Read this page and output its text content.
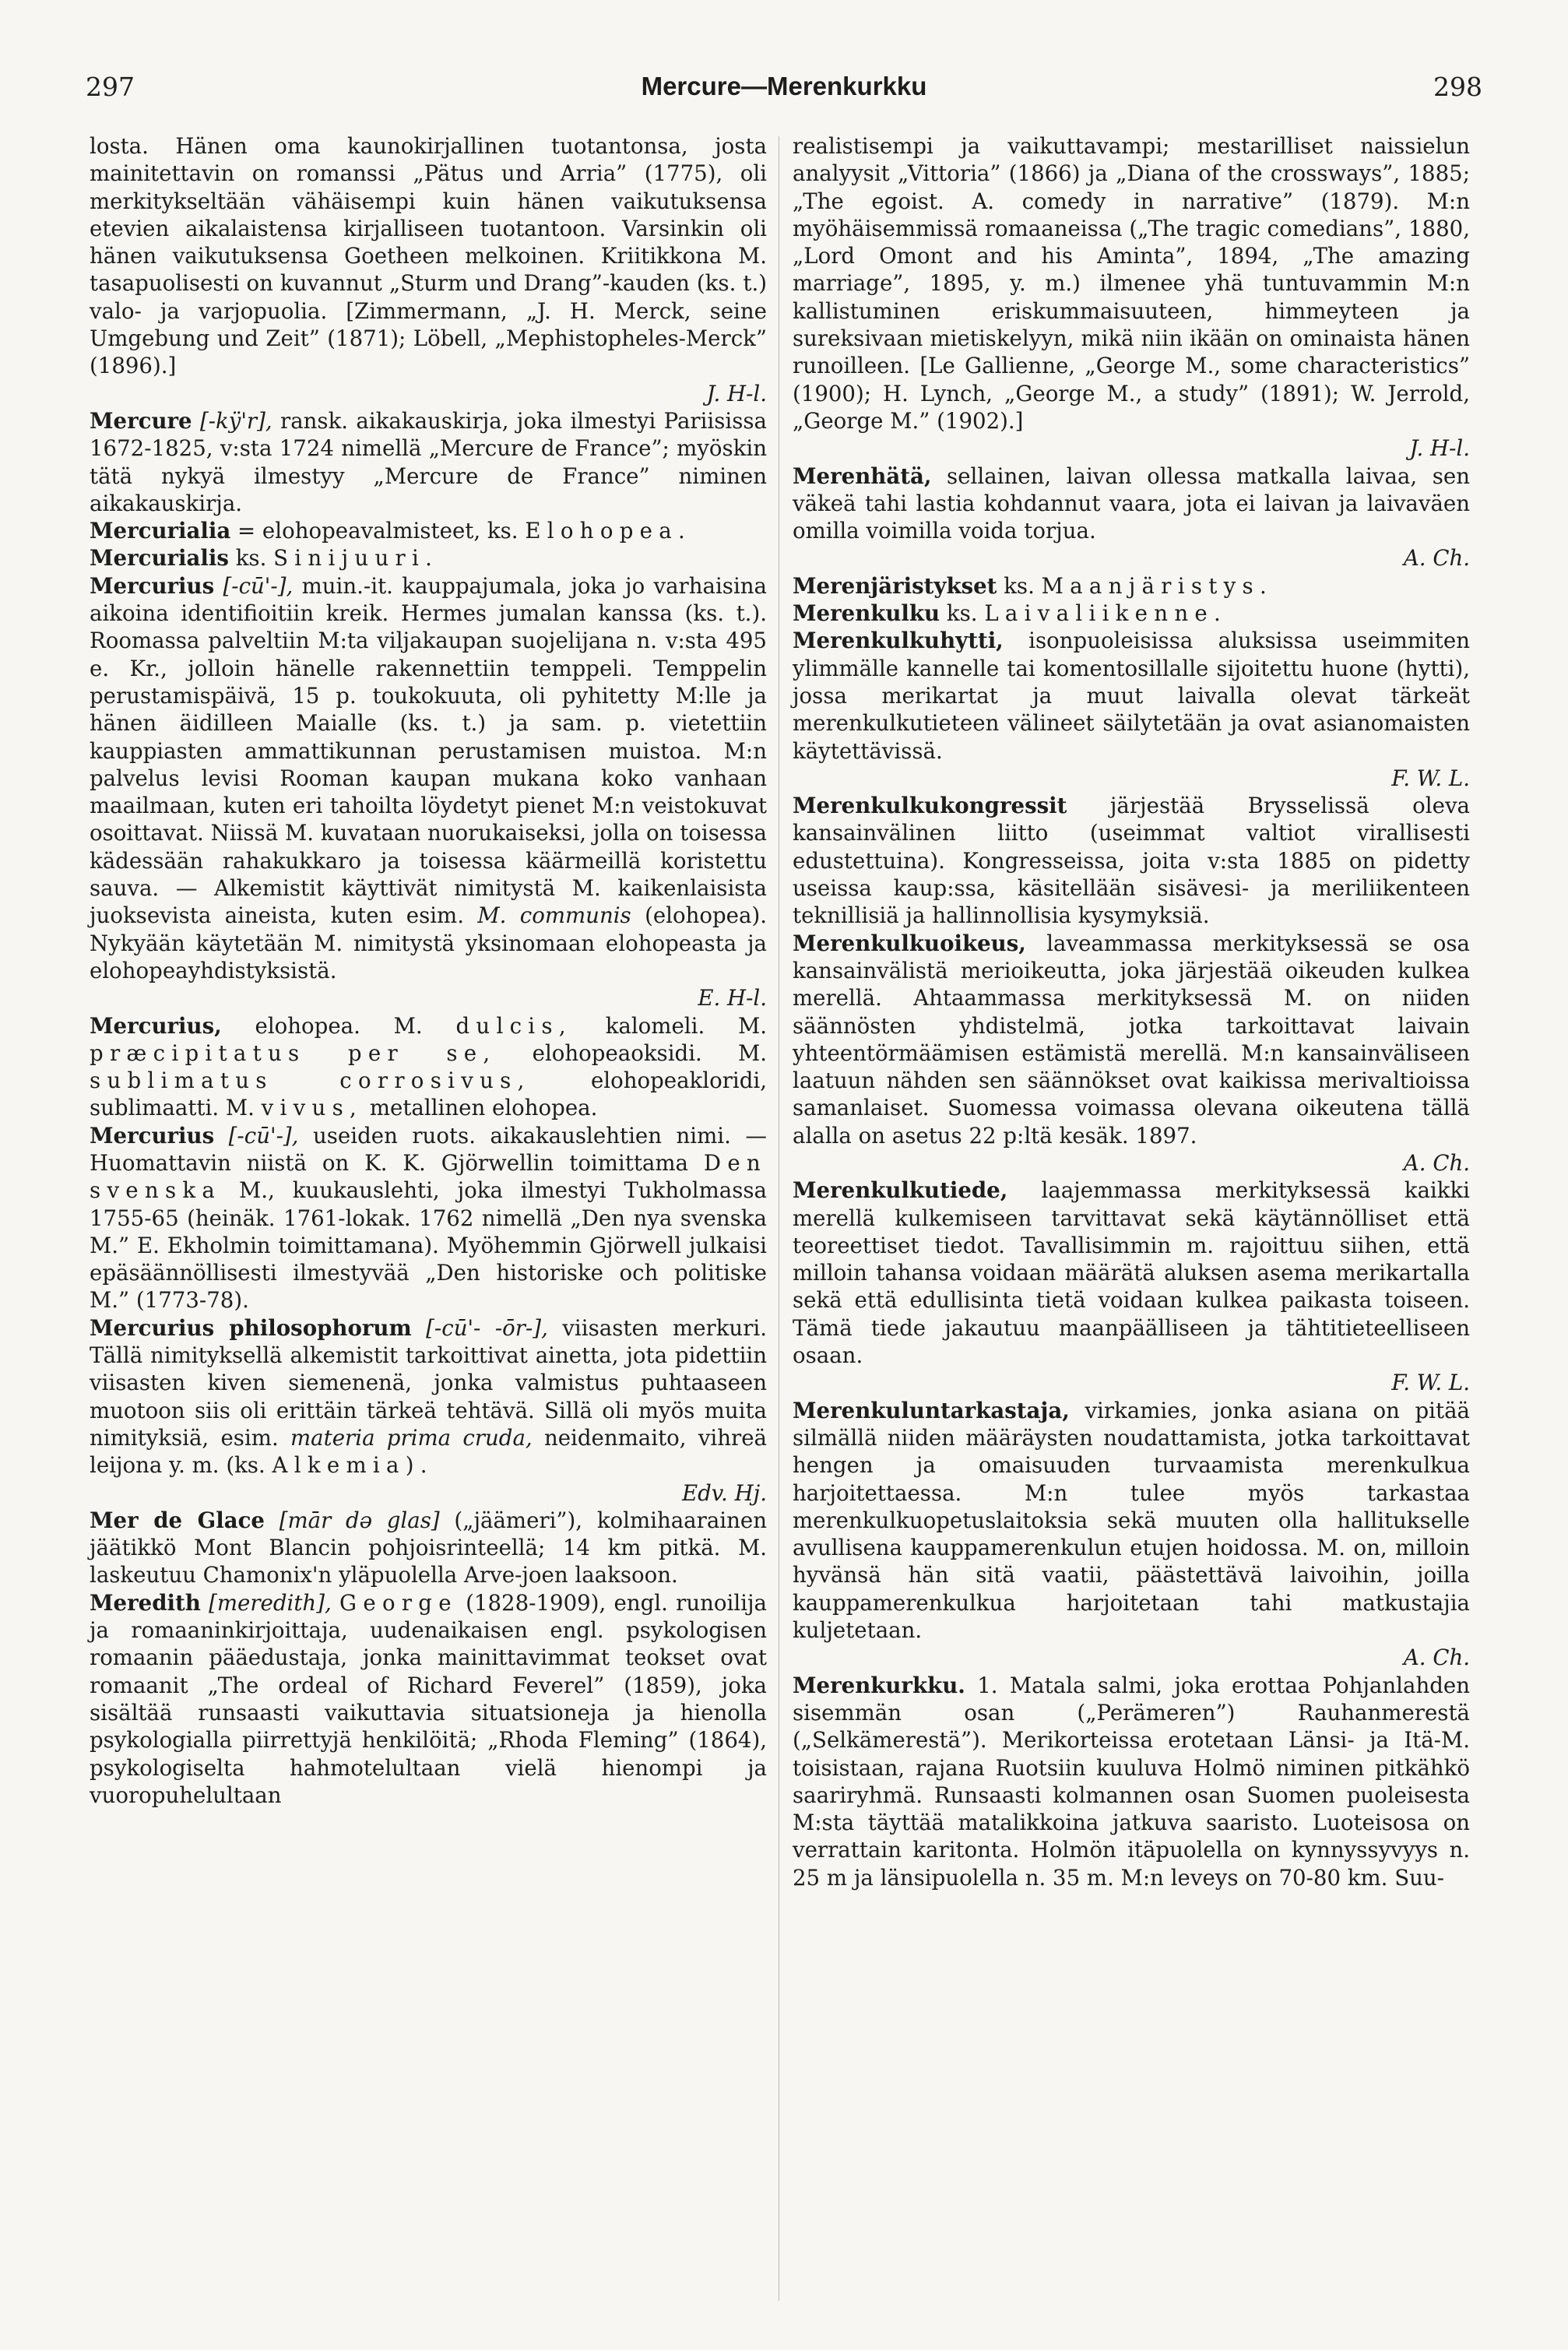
297	Mercure—Merenkurkku	298

losta. Hänen oma kaunokirjallinen tuotantonsa, josta mainitettavin on romanssi „Pätus und Arria” (1775), oli merkitykseltään vähäisempi kuin hänen vaikutuksensa etevien aikalaistensa kirjalliseen tuotantoon. Varsinkin oli hänen vaikutuksensa Goetheen melkoinen. Kriitikkona M. tasapuolisesti on kuvannut „Sturm und Drang”-kauden (ks. t.) valo- ja varjopuolia. [Zimmermann, „J. H. Merck, seine Umgebung und Zeit” (1871); Löbell, „Mephistopheles-Merck” (1896).]
J. H-l.

Mercure [-kÿ'r], ransk. aikakauskirja, joka ilmestyi Pariisissa 1672-1825, v:sta 1724 nimellä „Mercure de France”; myöskin tätä nykyä ilmestyy „Mercure de France” niminen aikakauskirja.

Mercurialia = elohopeavalmisteet, ks. Elohopea.

Mercurialis ks. Sinijuuri.

Mercurius [-cū'-], muin.-it. kauppajumala, joka jo varhaisina aikoina identifioitiin kreik. Hermes jumalan kanssa (ks. t.). Roomassa palveltiin M:ta viljakaupan suojelijana n. v:sta 495 e. Kr., jolloin hänelle rakennettiin temppeli. Temppelin perustamispäivä, 15 p. toukokuuta, oli pyhitetty M:lle ja hänen äidilleen Maialle (ks. t.) ja sam. p. vietettiin kauppiasten ammattikunnan perustamisen muistoa. M:n palvelus levisi Rooman kaupan mukana koko vanhaan maailmaan, kuten eri tahoilta löydetyt pienet M:n veistokuvat osoittavat. Niissä M. kuvataan nuorukaiseksi, jolla on toisessa kädessään rahakukkaro ja toisessa käärmeillä koristettu sauva. — Alkemistit käyttivät nimitystä M. kaikenlaisista juoksevista aineista, kuten esim. M. communis (elohopea). Nykyään käytetään M. nimitystä yksinomaan elohopeasta ja elohopeayhdistyksistä.
E. H-l.

Mercurius, elohopea. M. dulcis, kalomeli. M. præcipitatus per se, elohopeaoksidi. M. sublimatus corrosivus,	elohopeakloridi, sublimaatti. M. vivus, metallinen elohopea.

Mercurius [-cū'-], useiden ruots. aikakauslehtien nimi. — Huomattavin niistä on K. K. Gjörwellin toimittama Den svenska M., kuukauslehti, joka ilmestyi Tukholmassa 1755-65 (heinäk. 1761-lokak. 1762 nimellä „Den nya svenska M.” E. Ekholmin toimittamana). Myöhemmin Gjörwell julkaisi epäsäännöllisesti ilmestyvää „Den historiske och politiske M.” (1773-78).

Mercurius philosophorum [-cū'- -ōr-], viisasten merkuri. Tällä nimityksellä alkemistit tarkoittivat ainetta, jota pidettiin viisasten kiven siemenenä, jonka valmistus puhtaaseen muotoon siis oli erittäin tärkeä tehtävä. Sillä oli myös muita nimityksiä, esim. materia prima cruda, neidenmaito, vihreä leijona y. m. (ks. Alkemia).
Edv. Hj.

Mer de Glace [mār də glas] („jäämeri”), kolmihaarainen jäätikkö Mont Blancin pohjoisrinteellä; 14 km pitkä. M. laskeutuu Chamonix'n yläpuolella Arve-joen laaksoon.

Meredith [meredith], George (1828-1909), engl. runoilija ja romaaninkirjoittaja, uudenaikaisen engl. psykologisen romaanin pääedustaja, jonka mainittavimmat teokset ovat romaanit „The ordeal of Richard Feverel” (1859), joka sisältää runsaasti vaikuttavia situatsioneja ja hienolla psykologialla piirrettyjä henkilöitä; „Rhoda Fleming” (1864), psykologiselta hahmotelultaan vielä hienompi ja vuoropuhelultaan

realistisempi ja vaikuttavampi; mestarilliset naissielun analyysit „Vittoria” (1866) ja „Diana of the crossways”, 1885; „The egoist. A. comedy in narrative” (1879). M:n myöhäisemmissä romaaneissa („The tragic comedians”, 1880, „Lord Omont and his Aminta”, 1894, „The amazing marriage”, 1895, y. m.) ilmenee yhä tuntuvammin M:n kallistuminen eriskummaisuuteen, himmeyteen ja sureksivaan mietiskelyyn, mikä niin ikään on ominaista hänen runoilleen. [Le Gallienne, „George M., some characteristics” (1900); H. Lynch, „George M., a study” (1891); W. Jerrold, „George M.” (1902).]
J. H-l.

Merenhätä, sellainen, laivan ollessa matkalla laivaa, sen väkeä tahi lastia kohdannut vaara, jota ei laivan ja laivaväen omilla voimilla voida torjua.
A. Ch.

Merenjäristykset ks. Maanjäristys.

Merenkulku ks. Laivaliikenne.

Merenkulkuhytti, isonpuoleisissa aluksissa useimmiten ylimmälle kannelle tai komentosillalle sijoitettu huone (hytti), jossa merikartat ja muut laivalla olevat tärkeät merenkulkutieteen välineet säilytetään ja ovat asianomaisten käytettävissä.
F. W. L.

Merenkulkukongressit järjestää Brysselissä oleva kansainvälinen liitto (useimmat valtiot virallisesti edustettuina). Kongresseissa, joita v:sta 1885 on pidetty useissa kaup:ssa, käsitellään sisävesi- ja meriliikenteen teknillisiä ja hallinnollisia kysymyksiä.

Merenkulkuoikeus, laveammassa merkityksessä se osa kansainvälistä merioikeutta, joka järjestää oikeuden kulkea merellä. Ahtaammassa merkityksessä M. on niiden säännösten yhdistelmä, jotka tarkoittavat laivain yhteentörmäämisen estämistä merellä. M:n kansainväliseen laatuun nähden sen säännökset ovat kaikissa merivaltioissa samanlaiset. Suomessa voimassa olevana oikeutena tällä alalla on asetus 22 p:ltä kesäk. 1897.
A. Ch.

Merenkulkutiede, laajemmassa merkityksessä kaikki merellä kulkemiseen tarvittavat sekä käytännölliset että teoreettiset tiedot. Tavallisimmin m. rajoittuu siihen, että milloin tahansa voidaan määrätä aluksen asema merikartalla sekä että edullisinta tietä voidaan kulkea paikasta toiseen. Tämä tiede jakautuu maanpäälliseen ja tähtitieteelliseen osaan.
F. W. L.

Merenkuluntarkastaja, virkamies, jonka asiana on pitää silmällä niiden määräysten noudattamista, jotka tarkoittavat hengen ja omaisuuden turvaamista merenkulkua harjoitettaessa. M:n tulee myös tarkastaa merenkulkuopetuslaitoksia sekä muuten olla hallitukselle avullisena kauppamerenkulun etujen hoidossa. M. on, milloin hyvänsä hän sitä vaatii, päästettävä laivoihin, joilla kauppamerenkulkua harjoitetaan tahi matkustajia kuljetetaan.
A. Ch.

Merenkurkku. 1. Matala salmi, joka erottaa Pohjanlahden sisemmän osan („Perämeren”) Rauhanmerestä („Selkämerestä”). Merikorteissa erotetaan Länsi- ja Itä-M. toisistaan, rajana Ruotsiin kuuluva Holmö niminen pitkähkö saariryhmä. Runsaasti kolmannen osan Suomen puoleisesta M:sta täyttää matalikkoina jatkuva saaristo. Luoteisosa on verrattain karitonta. Holmön itäpuolella on kynnyssyvyys n. 25 m ja länsipuolella n. 35 m. M:n leveys on 70-80 km. Suu-
